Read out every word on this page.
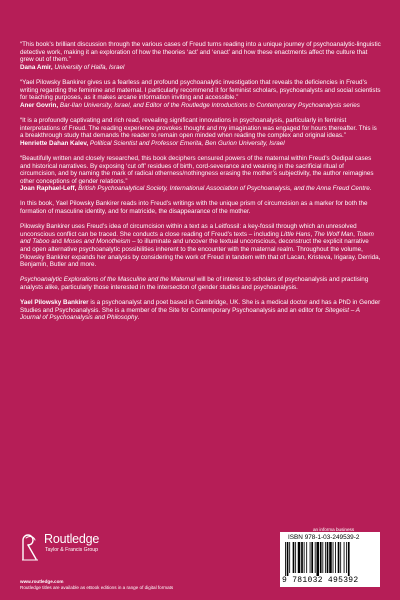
“This book’s brilliant discussion through the various cases of Freud turns reading into a unique journey of psychoanalytic-linguistic detective work, making it an exploration of how the theories ‘act’ and ‘enact’ and how these enactments affect the culture that grew out of them.”

Dana Amir, University of Haifa, Israel

“Yael Pilowsky Bankirer gives us a fearless and profound psychoanalytic investigation that reveals the deficiencies in Freud’s writing regarding the feminine and maternal. I particularly recommend it for feminist scholars, psychoanalysts and social scientists for teaching purposes, as it makes arcane information inviting and accessible.”

Aner Govrin, Bar-Ilan University, Israel, and Editor of the Routledge Introductions to Contemporary Psychoanalysis series

“It is a profoundly captivating and rich read, revealing significant innovations in psychoanalysis, particularly in feminist interpretations of Freud. The reading experience provokes thought and my imagination was engaged for hours thereafter. This is a breakthrough study that demands the reader to remain open minded when reading the complex and original ideas.”

Henriette Dahan Kalev, Political Scientist and Professor Emerita, Ben Gurion University, Israel

“Beautifully written and closely researched, this book deciphers censured powers of the maternal within Freud’s Oedipal cases and historical narratives. By exposing ‘cut off’ residues of birth, cord-severance and weaning in the sacrificial ritual of circumcision, and by naming the mark of radical otherness/nothingness erasing the mother’s subjectivity, the author reimagines other conceptions of gender relations.”

Joan Raphael-Leff, British Psychoanalytical Society, International Association of Psychoanalysis, and the Anna Freud Centre.

In this book, Yael Pilowsky Bankirer reads into Freud’s writings with the unique prism of circumcision as a marker for both the formation of masculine identity, and for matricide, the disappearance of the mother.

Pilowsky Bankirer uses Freud’s idea of circumcision within a text as a Leitfossil: a key-fossil through which an unresolved unconscious conflict can be traced. She conducts a close reading of Freud’s texts – including Little Hans, The Wolf Man, Totem and Taboo and Moses and Monotheism – to illuminate and uncover the textual unconscious, deconstruct the explicit narrative and open alternative psychoanalytic possibilities inherent to the encounter with the maternal realm. Throughout the volume, Pilowsky Bankirer expands her analysis by considering the work of Freud in tandem with that of Lacan, Kristeva, Irigaray, Derrida, Benjamin, Butler and more.

Psychoanalytic Explorations of the Masculine and the Maternal will be of interest to scholars of psychoanalysis and practising analysts alike, particularly those interested in the intersection of gender studies and psychoanalysis.

Yael Pilowsky Bankirer is a psychoanalyst and poet based in Cambridge, UK. She is a medical doctor and has a PhD in Gender Studies and Psychoanalysis. She is a member of the Site for Contemporary Psychoanalysis and an editor for Sitegeist – A Journal of Psychoanalysis and Philosophy.

an informa business
Routledge
Taylor & Francis Group
www.routledge.com
Routledge titles are available as eBook editions in a range of digital formats
ISBN 978-1-03-249539-2
9 781032 495392
